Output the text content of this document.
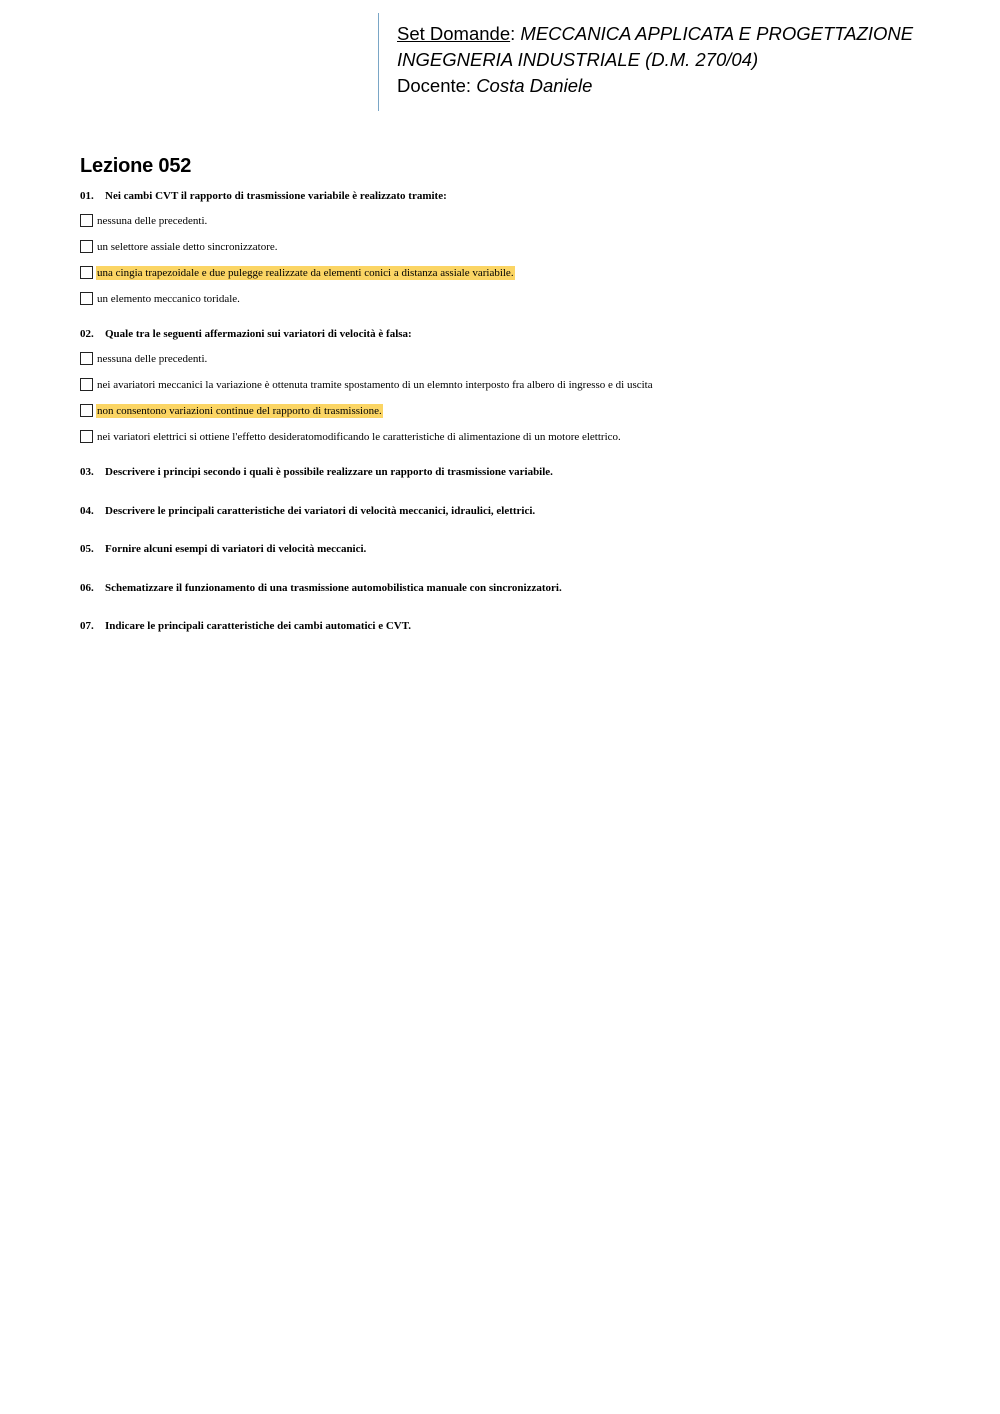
Set Domande: MECCANICA APPLICATA E PROGETTAZIONE
INGEGNERIA INDUSTRIALE (D.M. 270/04)
Docente: Costa Daniele
Lezione 052

01. Nei cambi CVT il rapporto di trasmissione variabile è realizzato tramite:

nessuna delle precedenti.
un selettore assiale detto sincronizzatore.
una cingia trapezoidale e due pulegge realizzate da elementi conici a distanza assiale variabile.
un elemento meccanico toridale.

02. Quale tra le seguenti affermazioni sui variatori di velocità è falsa:

nessuna delle precedenti.
nei avariatori meccanici la variazione è ottenuta tramite spostamento di un elemnto interposto fra albero di ingresso e di uscita
non consentono variazioni continue del rapporto di trasmissione.
nei variatori elettrici si ottiene l'effetto desideratomodificando le caratteristiche di alimentazione di un motore elettrico.

03. Descrivere i principi secondo i quali è possibile realizzare un rapporto di trasmissione variabile.

04. Descrivere le principali caratteristiche dei variatori di velocità meccanici, idraulici, elettrici.

05. Fornire alcuni esempi di variatori di velocità meccanici.

06. Schematizzare il funzionamento di una trasmissione automobilistica manuale con sincronizzatori.

07. Indicare le principali caratteristiche dei cambi automatici e CVT.
